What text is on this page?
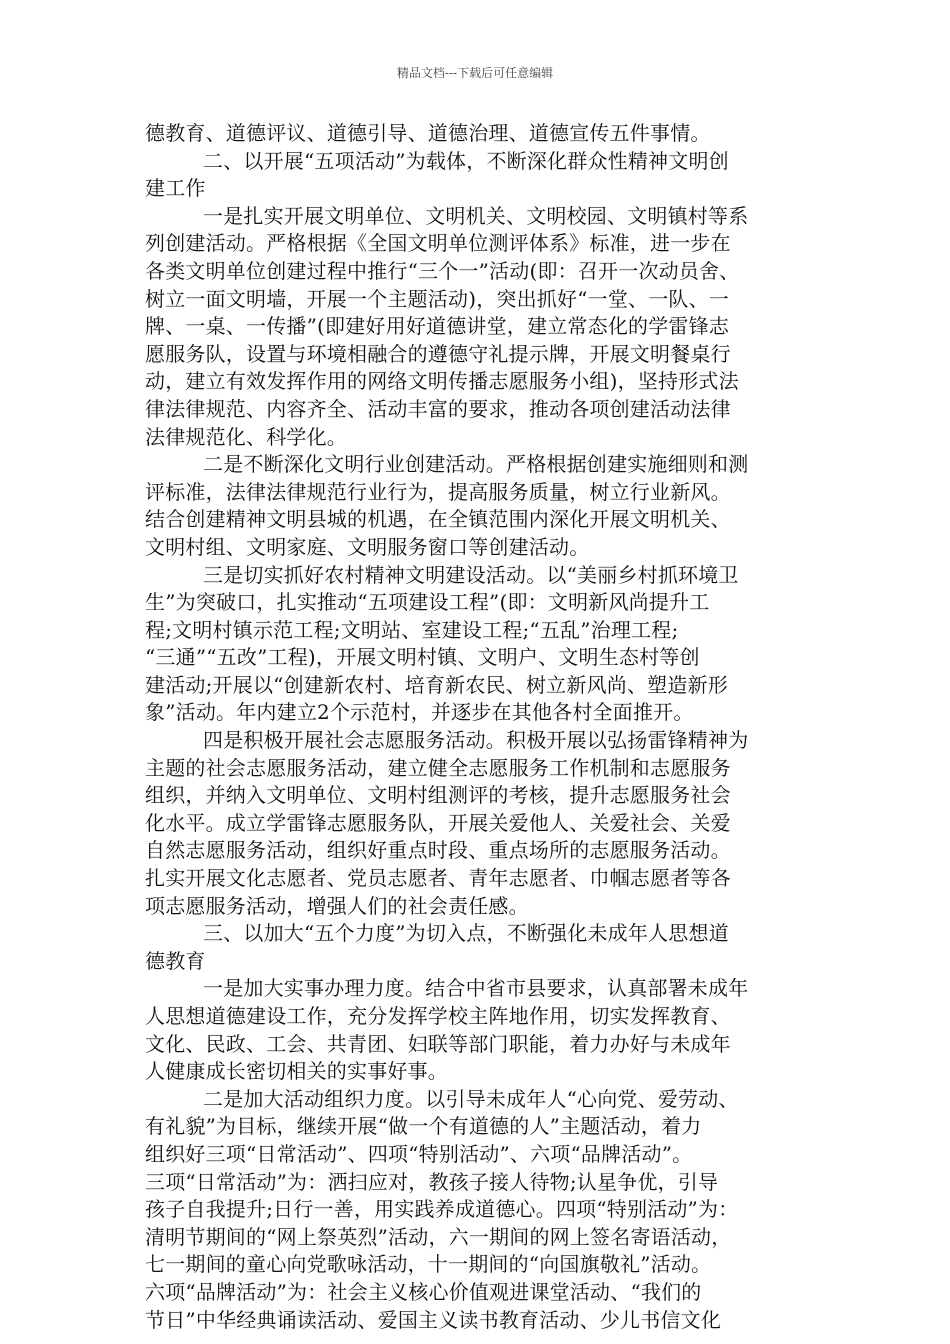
精品文档---下载后可任意编辑
德教育、道德评议、道德引导、道德治理、道德宣传五件事情。
二、以开展“五项活动”为载体，不断深化群众性精神文明创
建工作
一是扎实开展文明单位、文明机关、文明校园、文明镇村等系
列创建活动。严格根据《全国文明单位测评体系》标准，进一步在
各类文明单位创建过程中推行“三个一”活动(即：召开一次动员舍、
树立一面文明墙，开展一个主题活动)，突出抓好“一堂、一队、一
牌、一桌、一传播”(即建好用好道德讲堂，建立常态化的学雷锋志
愿服务队，设置与环境相融合的遵德守礼提示牌，开展文明餐桌行
动，建立有效发挥作用的网络文明传播志愿服务小组)，坚持形式法
律法律规范、内容齐全、活动丰富的要求，推动各项创建活动法律
法律规范化、科学化。
二是不断深化文明行业创建活动。严格根据创建实施细则和测
评标准，法律法律规范行业行为，提高服务质量，树立行业新风。
结合创建精神文明县城的机遇，在全镇范围内深化开展文明机关、
文明村组、文明家庭、文明服务窗口等创建活动。
三是切实抓好农村精神文明建设活动。以“美丽乡村抓环境卫
生”为突破口，扎实推动“五项建设工程”(即：文明新风尚提升工
程;文明村镇示范工程;文明站、室建设工程;“五乱”治理工程;
“三通”“五改”工程)，开展文明村镇、文明户、文明生态村等创
建活动;开展以“创建新农村、培育新农民、树立新风尚、塑造新形
象”活动。年内建立2个示范村，并逐步在其他各村全面推开。
四是积极开展社会志愿服务活动。积极开展以弘扬雷锋精神为
主题的社会志愿服务活动，建立健全志愿服务工作机制和志愿服务
组织，并纳入文明单位、文明村组测评的考核，提升志愿服务社会
化水平。成立学雷锋志愿服务队，开展关爱他人、关爱社会、关爱
自然志愿服务活动，组织好重点时段、重点场所的志愿服务活动。
扎实开展文化志愿者、党员志愿者、青年志愿者、巾帼志愿者等各
项志愿服务活动，增强人们的社会责任感。
三、以加大“五个力度”为切入点，不断强化未成年人思想道
德教育
一是加大实事办理力度。结合中省市县要求，认真部署未成年
人思想道德建设工作，充分发挥学校主阵地作用，切实发挥教育、
文化、民政、工会、共青团、妇联等部门职能，着力办好与未成年
人健康成长密切相关的实事好事。
二是加大活动组织力度。以引导未成年人“心向党、爱劳动、
有礼貌”为目标，继续开展“做一个有道德的人”主题活动，着力
组织好三项“日常活动”、四项“特别活动”、六项“品牌活动”。
三项“日常活动”为：洒扫应对，教孩子接人待物;认星争优，引导
孩子自我提升;日行一善，用实践养成道德心。四项“特别活动”为：
清明节期间的“网上祭英烈”活动，六一期间的网上签名寄语活动，
七一期间的童心向党歌咏活动，十一期间的“向国旗敬礼”活动。
六项“品牌活动”为：社会主义核心价值观进课堂活动、“我们的
节日”中华经典诵读活动、爱国主义读书教育活动、少儿书信文化
